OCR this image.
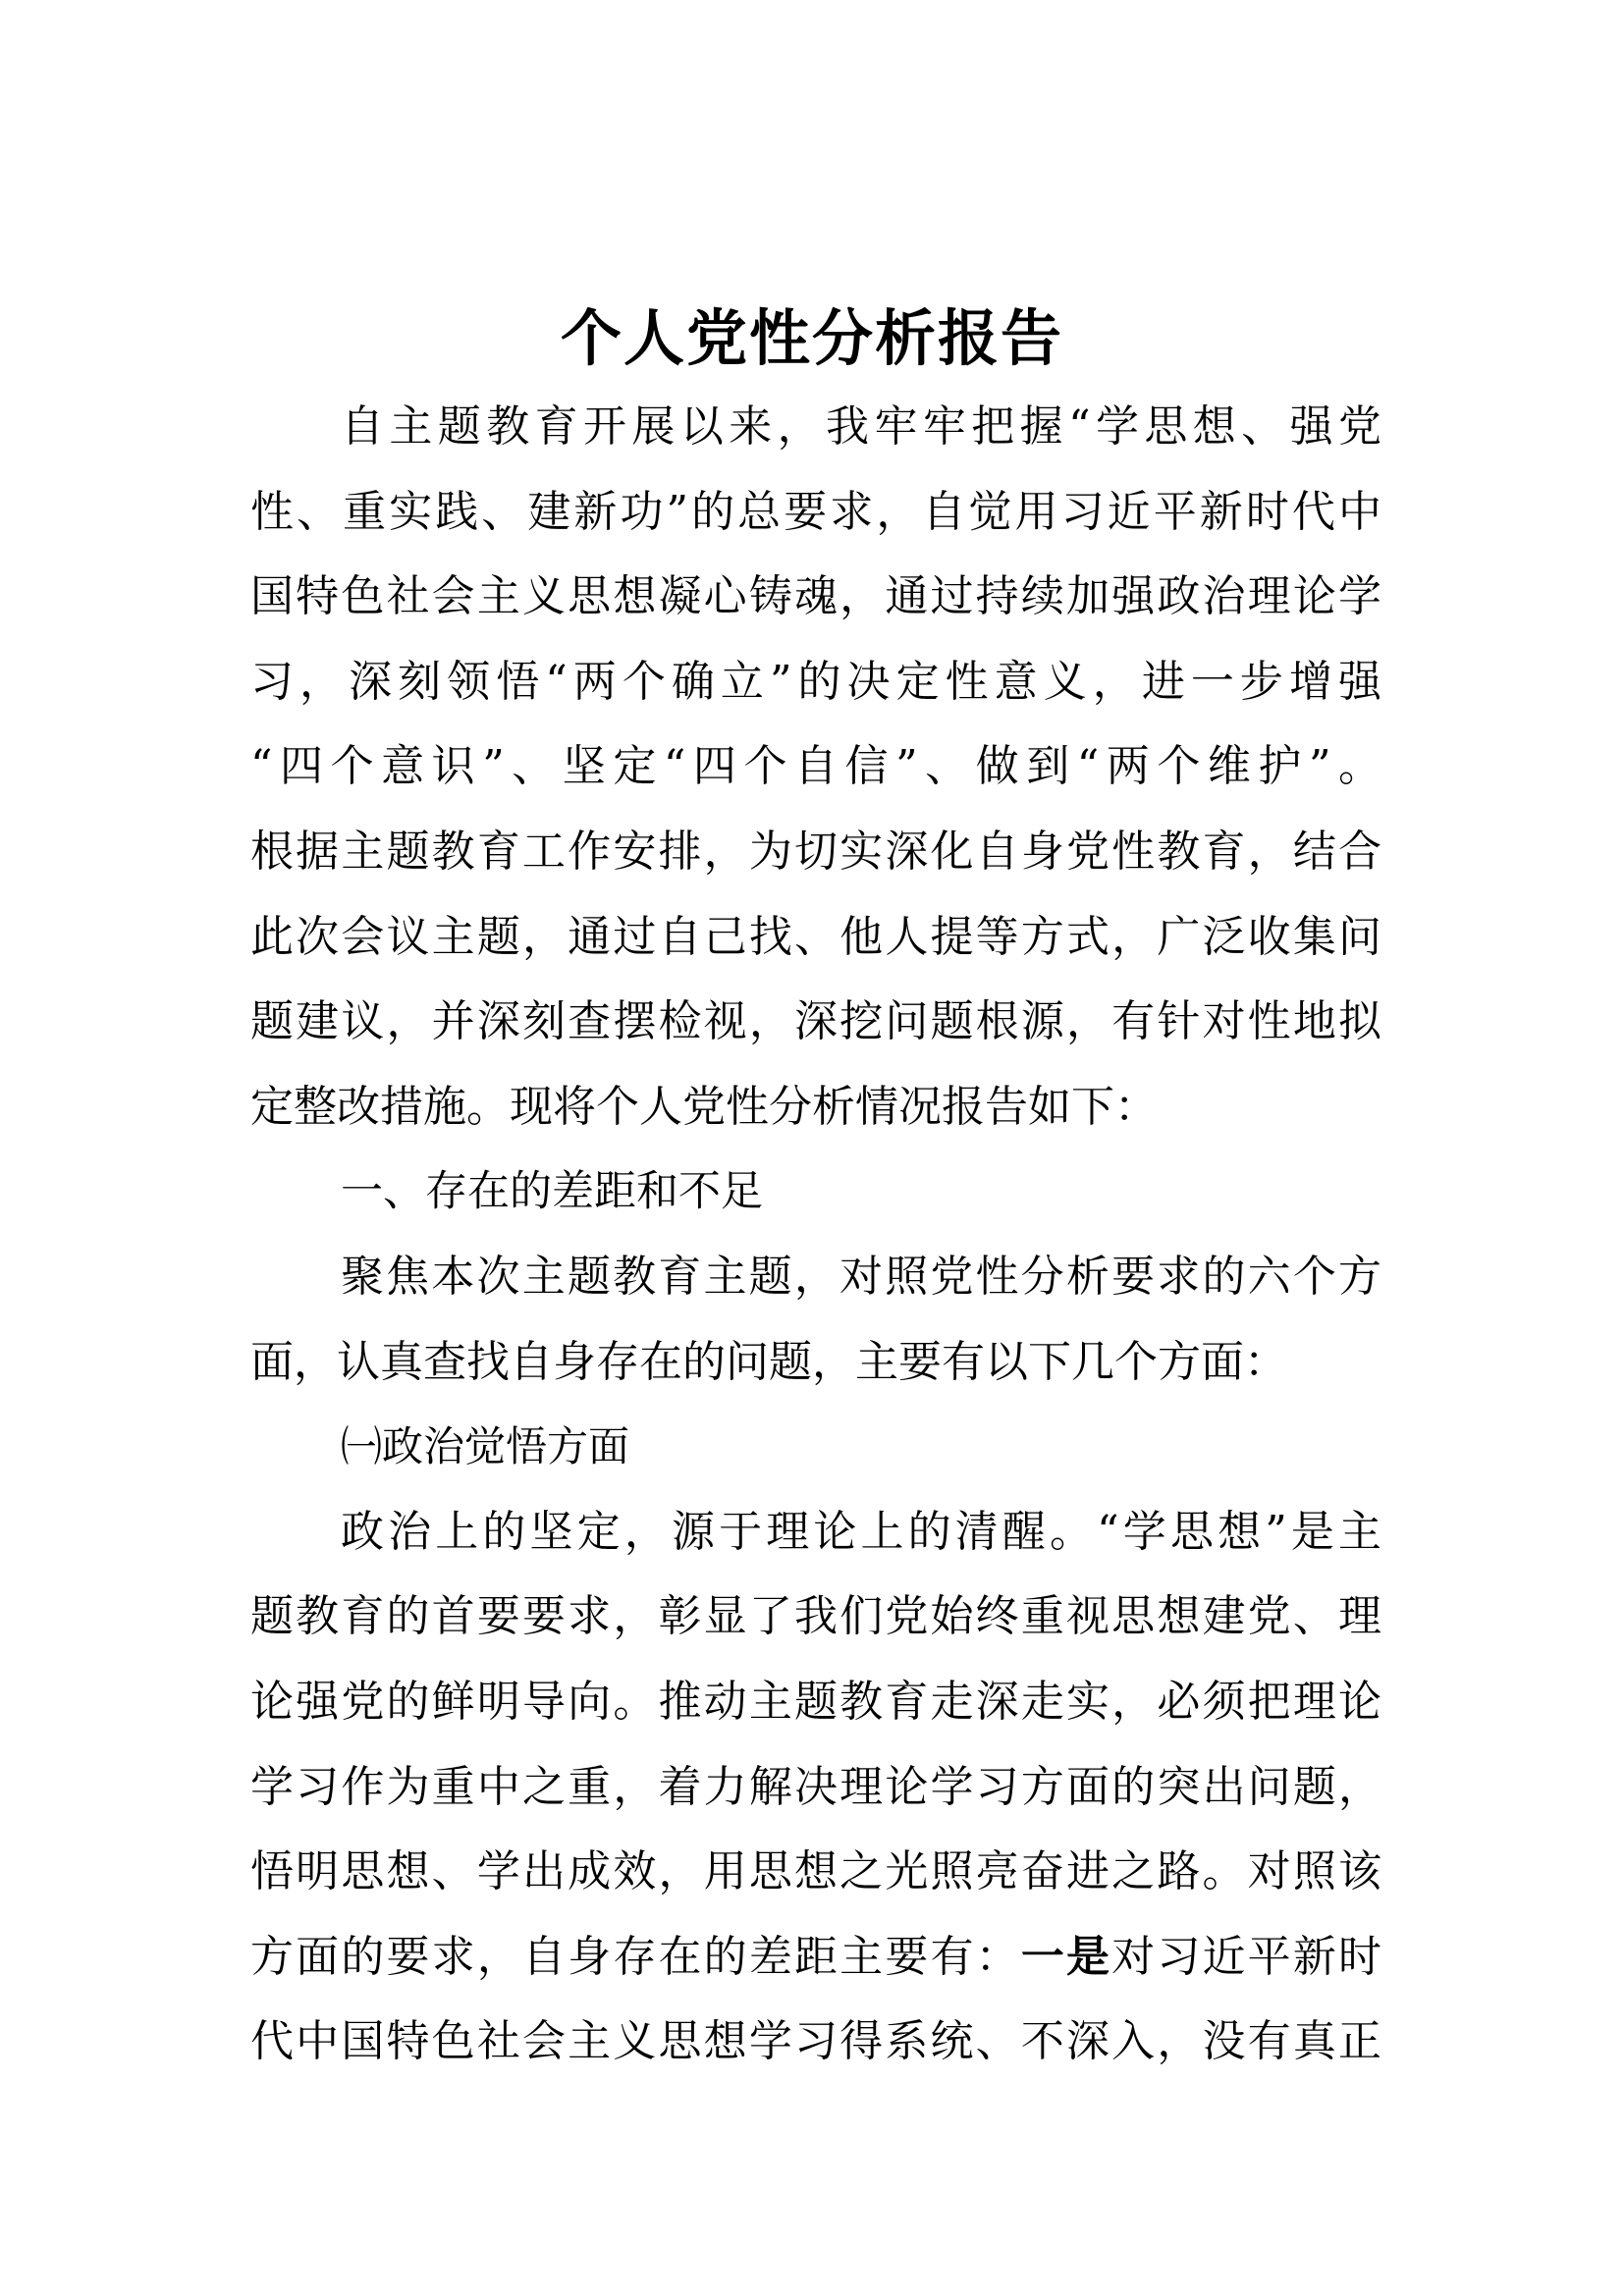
个人党性分析报告
自主题教育开展以来，我牢牢把握“学思想、强党
性、重实践、建新功”的总要求，自觉用习近平新时代中
国特色社会主义思想凝心铸魂，通过持续加强政治理论学
习，深刻领悟“两个确立”的决定性意义，进一步增强
“四个意识”、坚定“四个自信”、做到“两个维护”。
根据主题教育工作安排，为切实深化自身党性教育，结合
此次会议主题，通过自己找、他人提等方式，广泛收集问
题建议，并深刻查摆检视，深挖问题根源，有针对性地拟
定整改措施。现将个人党性分析情况报告如下：
一、存在的差距和不足
聚焦本次主题教育主题，对照党性分析要求的六个方
面，认真查找自身存在的问题，主要有以下几个方面：
㈠政治觉悟方面
政治上的坚定，源于理论上的清醒。“学思想”是主
题教育的首要要求，彰显了我们党始终重视思想建党、理
论强党的鲜明导向。推动主题教育走深走实，必须把理论
学习作为重中之重，着力解决理论学习方面的突出问题，
悟明思想、学出成效，用思想之光照亮奋进之路。对照该
方面的要求，自身存在的差距主要有：一是对习近平新时
代中国特色社会主义思想学习得系统、不深入，没有真正
